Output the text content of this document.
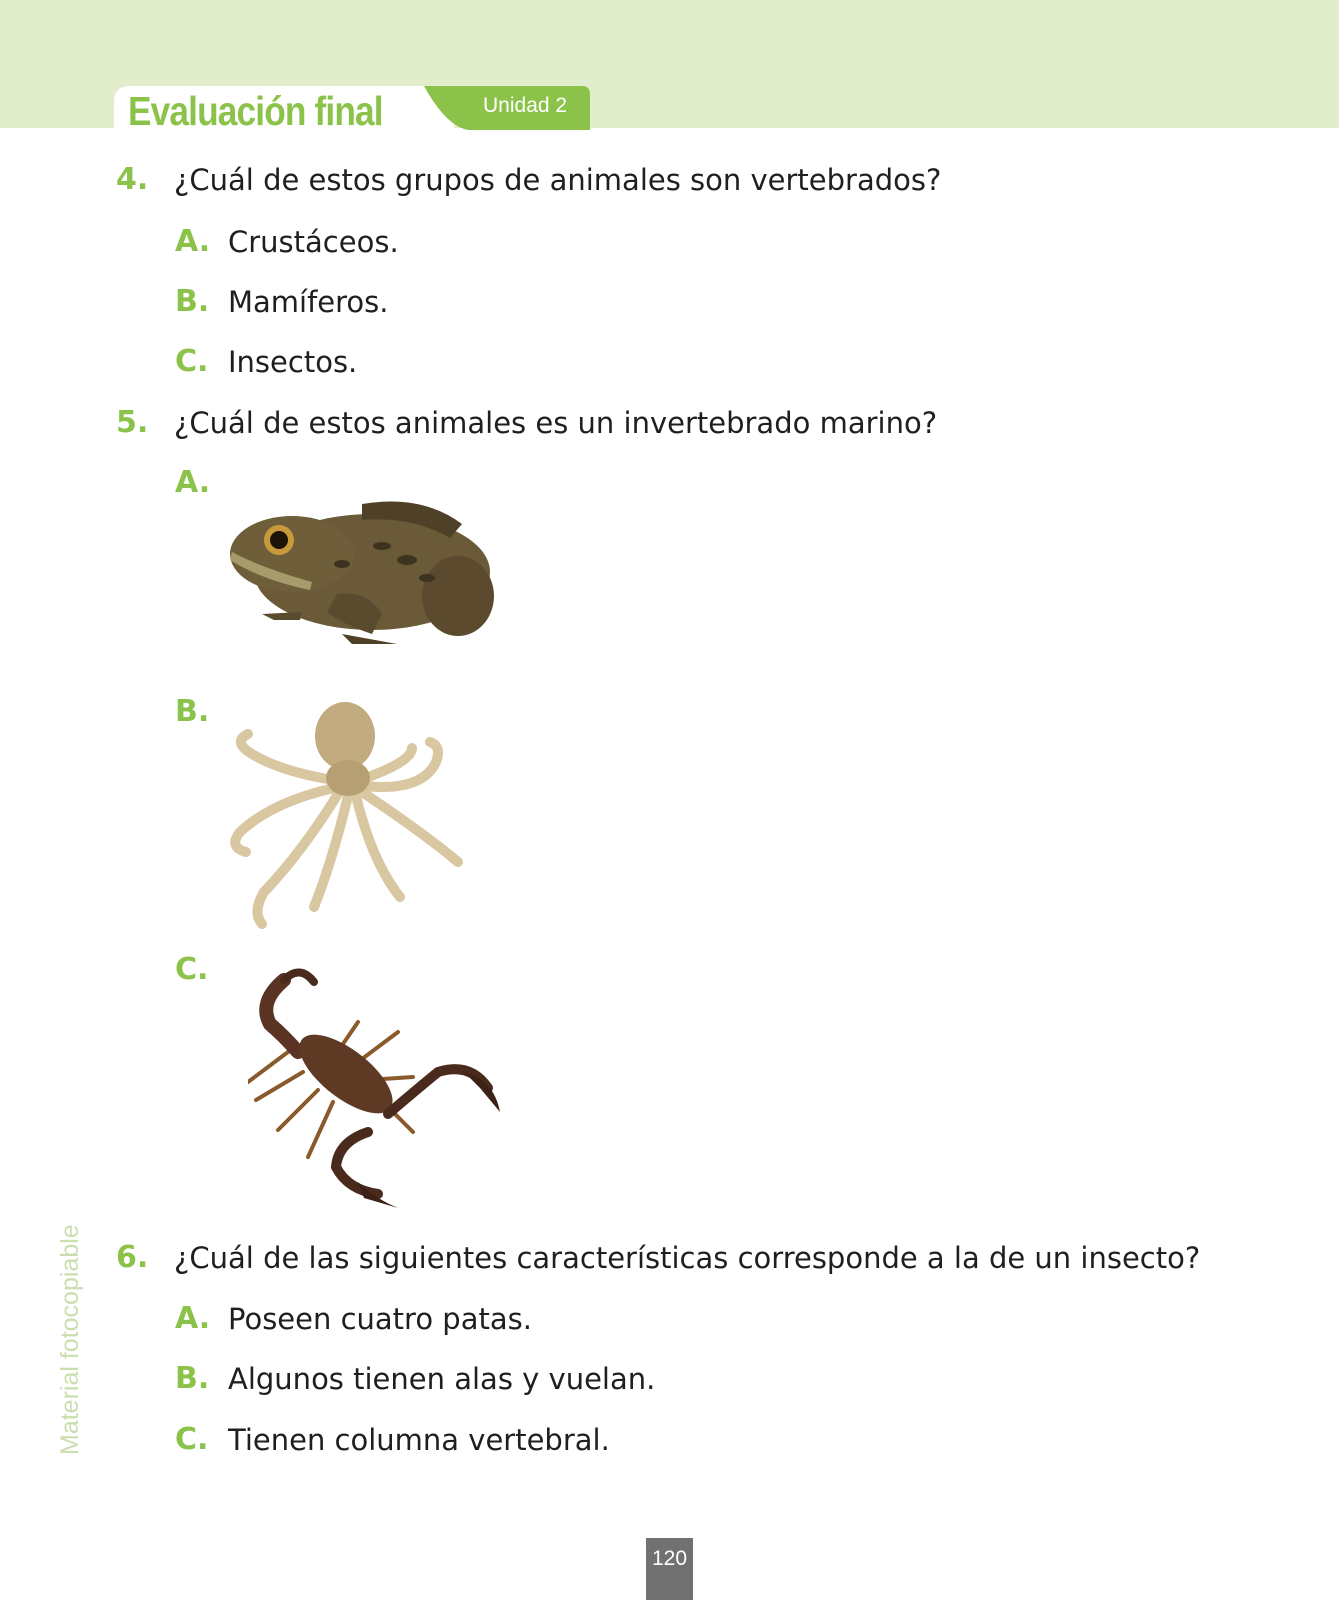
Evaluación final	Unidad 2
4. ¿Cuál de estos grupos de animales son vertebrados?
A. Crustáceos.
B. Mamíferos.
C. Insectos.
5. ¿Cuál de estos animales es un invertebrado marino?
A.
B.
C.
6. ¿Cuál de las siguientes características corresponde a la de un insecto?
A. Poseen cuatro patas.
B. Algunos tienen alas y vuelan.
C. Tienen columna vertebral.
Material fotocopiable
120
